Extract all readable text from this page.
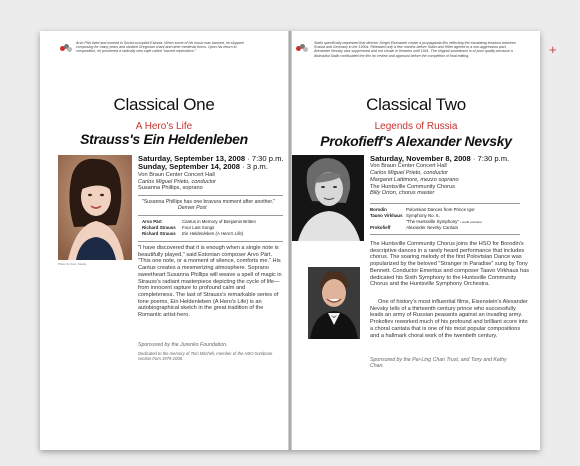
+
Arvo Pärt lived and worked in Soviet-occupied Estonia. When some of his music was banned, he stopped composing for many years and studied Gregorian chant and other medieval forms. Upon his return to composition, he pioneered a radically new style called "sacred minimalism."
Classical One
A Hero's Life
Strauss's Ein Heldenleben
Photo by Kern Studio
Saturday, September 13, 2008 · 7:30 p.m.
Sunday, September 14, 2008 · 3 p.m.
Von Braun Center Concert Hall
Carlos Miguel Prieto, conductor
Susanna Phillips, soprano
"Susanna Phillips has one bravura moment after another."
Denver Post
Arvo Pärt	Cantus in Memory of Benjamin Britten
Richard Strauss Four Last Songs
Richard Strauss Ein Heldenleben (A Hero's Life)
"I have discovered that it is enough when a single note is beautifully played," said Estonian composer Arvo Pärt. "This one note, or a moment of silence, comforts me." His Cantus creates a mesmerizing atmosphere. Soprano sweetheart Susanna Phillips will weave a spell of magic in Strauss's radiant masterpiece depicting the cycle of life—from innocent rapture to profound calm and completeness. The last of Strauss's remarkable series of tone poems, Ein Heldenleben (A Hero's Life) is an autobiographical sketch in the great tradition of the Romantic artist-hero.
Sponsored by the Jurenko Foundation.
Dedicated to the memory of Tom Mitchell, member of the HSO trombone section from 1979-2008.
Stalin specifically requested that director Sergei Eisenstein create a propaganda film reflecting the escalating tensions between Russia and Germany in the 1930s. Released only a few months before Stalin and Hitler agreed to a non-aggression pact, Alexander Nevsky was suppressed and not shown in theaters until 1941. The original soundtrack is of poor quality because a distrustful Stalin confiscated the film for review and approval before the completion of final editing.
Classical Two
Legends of Russia
Prokofieff's Alexander Nevsky
Saturday, November 8, 2008 · 7:30 p.m.
Von Braun Center Concert Hall
Carlos Miguel Prieto, conductor
Margaret Lattimore, mezzo soprano
The Huntsville Community Chorus
Billy Orton, chorus master
Borodin	Polovtsian Dances from Prince Igor
Tauno Virkhaus Symphony No. 6,
"The Huntsville Symphony" • world premiere
Prokofieff	Alexander Nevsky Cantata
The Huntsville Community Chorus joins the HSO for Borodin's descriptive dances in a rarely heard performance that includes chorus. The soaring melody of the first Polovtsian Dance was popularized by the beloved "Stranger in Paradise" sung by Tony Bennett. Conductor Emeritus and composer Taavo Virkhaus has dedicated his Sixth Symphony to the Huntsville Community Chorus and the Huntsville Symphony Orchestra.
One of history's most influential films, Eisenstein's Alexander Nevsky tells of a thirteenth century prince who successfully leads an army of Russian peasants against an invading army. Prokofiev reworked much of his profound and brilliant score into a choral cantata that is one of his most popular compositions and a hallmark choral work of the twentieth century.
Sponsored by the Pei-Ling Chan Trust, and Tony and Kathy Chan.
